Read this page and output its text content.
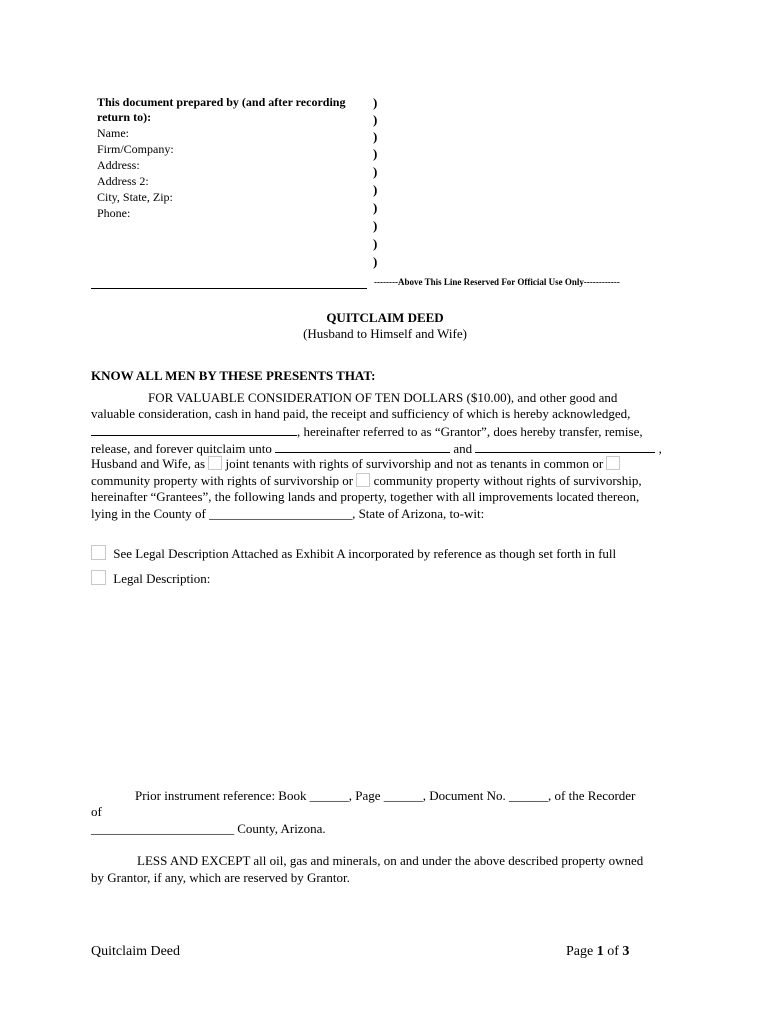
This document prepared by (and after recording
return to):
Name:
Firm/Company:
Address:
Address 2:
City, State, Zip:
Phone:
)
)
)
)
)
)
)
)
)
)
--------Above This Line Reserved For Official Use Only------------
QUITCLAIM DEED
(Husband to Himself and Wife)
KNOW ALL MEN BY THESE PRESENTS THAT:
FOR VALUABLE CONSIDERATION OF TEN DOLLARS ($10.00), and other good and
valuable consideration, cash in hand paid, the receipt and sufficiency of which is hereby acknowledged,
, hereinafter referred to as “Grantor”, does hereby transfer, remise,
release, and forever quitclaim unto	and	,
Husband and Wife, as joint tenants with rights of survivorship and not as tenants in common or
community property with rights of survivorship or community property without rights of survivorship,
hereinafter “Grantees”, the following lands and property, together with all improvements located thereon,
lying in the County of ______________________, State of Arizona, to-wit:
See Legal Description Attached as Exhibit A incorporated by reference as though set forth in full
Legal Description:
Prior instrument reference: Book ______, Page ______, Document No. ______, of the Recorder
of
______________________ County, Arizona.
LESS AND EXCEPT all oil, gas and minerals, on and under the above described property owned
by Grantor, if any, which are reserved by Grantor.
Quitclaim Deed	Page 1 of 3
